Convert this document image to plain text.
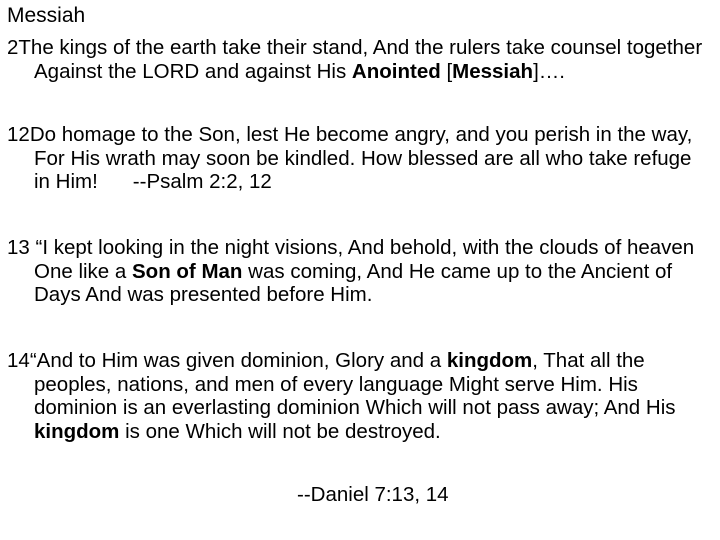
Messiah
2The kings of the earth take their stand, And the rulers take counsel together Against the LORD and against His Anointed [Messiah]….
12Do homage to the Son, lest He become angry, and you perish in the way, For His wrath may soon be kindled. How blessed are all who take refuge in Him! --Psalm 2:2, 12
13 “I kept looking in the night visions, And behold, with the clouds of heaven One like a Son of Man was coming, And He came up to the Ancient of Days And was presented before Him.
14“And to Him was given dominion, Glory and a kingdom, That all the peoples, nations, and men of every language Might serve Him. His dominion is an everlasting dominion Which will not pass away; And His kingdom is one Which will not be destroyed.
--Daniel 7:13, 14
